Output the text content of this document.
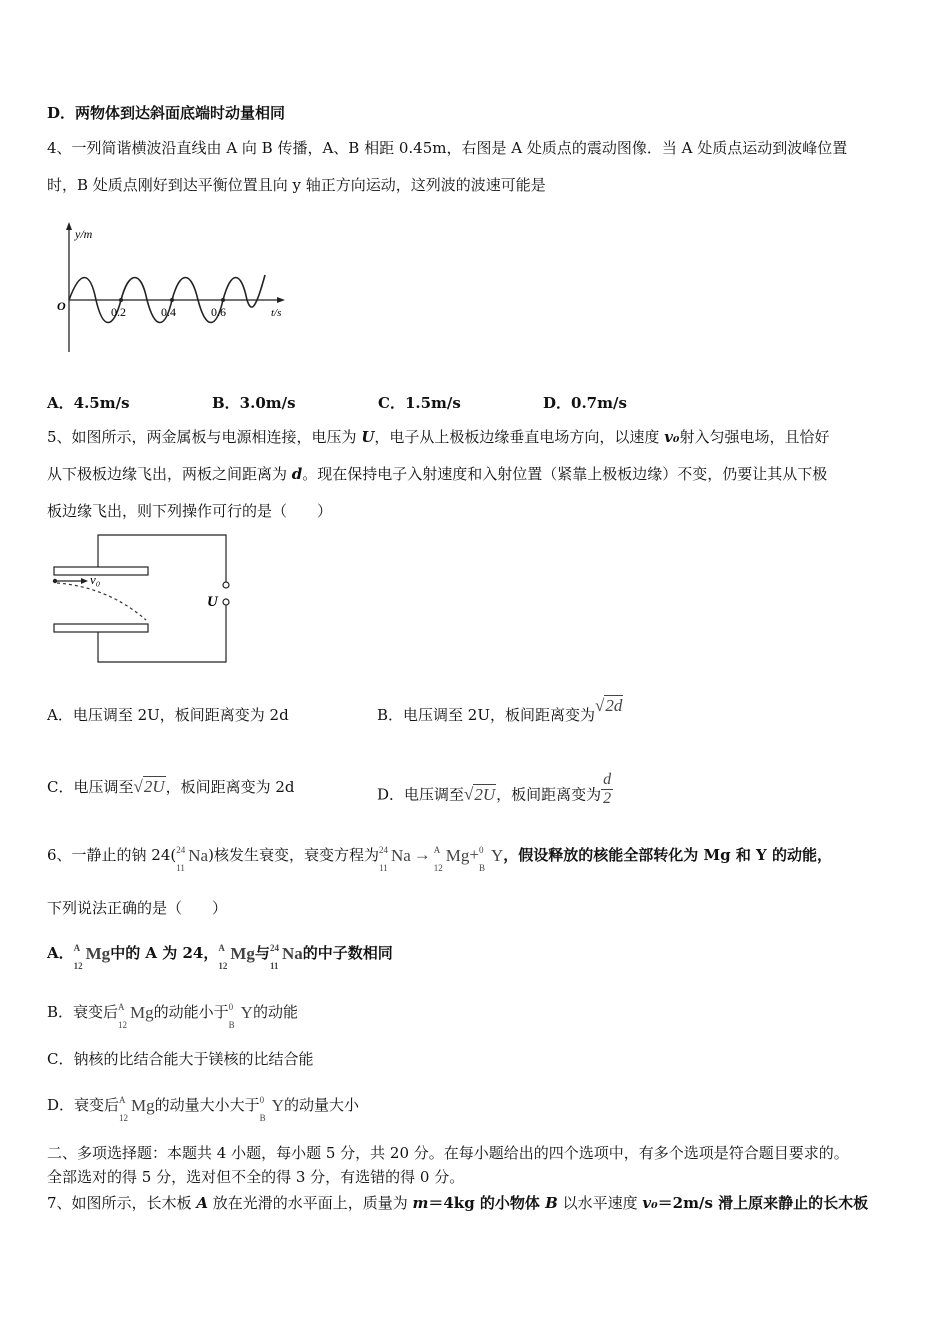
D．两物体到达斜面底端时动量相同
4、一列简谐横波沿直线由 A 向 B 传播，A、B 相距 0.45m，右图是 A 处质点的震动图像．当 A 处质点运动到波峰位置
时，B 处质点刚好到达平衡位置且向 y 轴正方向运动，这列波的波速可能是
y/m
O	0.2	0.4	0.6	t/s
A．4.5m/s	B．3.0m/s	C．1.5m/s	D．0.7m/s
5、如图所示，两金属板与电源相连接，电压为 U，电子从上极板边缘垂直电场方向，以速度 v₀射入匀强电场，且恰好
从下极板边缘飞出，两板之间距离为 d。现在保持电子入射速度和入射位置（紧靠上极板边缘）不变，仍要让其从下极
板边缘飞出，则下列操作可行的是（　　）
v₀
U
A．电压调至 2U，板间距离变为 2d	B．电压调至 2U，板间距离变为√2d
C．电压调至√2U，板间距离变为 2d	D．电压调至√2U，板间距离变为 $\frac{d}{2}$
6、一静止的钠 24( 24
11
Na)核发生衰变，衰变方程为 24
11
Na → A
12
Mg+ 0
B
Y，假设释放的核能全部转化为 Mg 和 Y 的动能，
下列说法正确的是（　　）
A． A
12
Mg中的 A 为 24， A
12
Mg与 24
11
Na的中子数相同
B．衰变后 A
12
Mg的动能小于 0
B
Y的动能
C．钠核的比结合能大于镁核的比结合能
D．衰变后 A
12
Mg的动量大小大于 0
B
Y的动量大小
二、多项选择题：本题共 4 小题，每小题 5 分，共 20 分。在每小题给出的四个选项中，有多个选项是符合题目要求的。
全部选对的得 5 分，选对但不全的得 3 分，有选错的得 0 分。
7、如图所示，长木板 A 放在光滑的水平面上，质量为 m＝4kg 的小物体 B 以水平速度 v₀＝2m/s 滑上原来静止的长木板
